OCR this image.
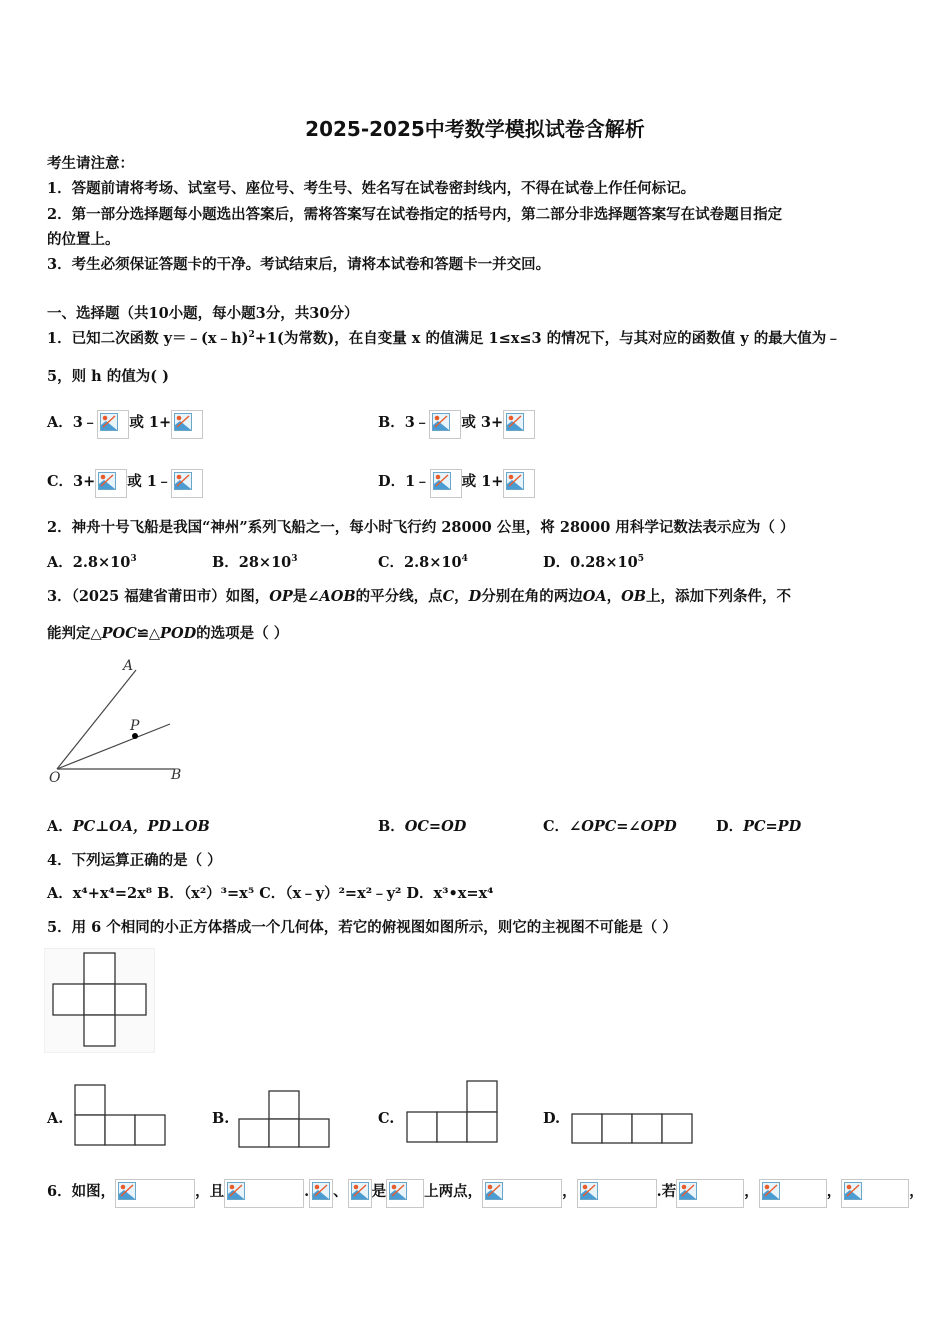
2025-2025中考数学模拟试卷含解析
考生请注意：
1．答题前请将考场、试室号、座位号、考生号、姓名写在试卷密封线内，不得在试卷上作任何标记。
2．第一部分选择题每小题选出答案后，需将答案写在试卷指定的括号内，第二部分非选择题答案写在试卷题目指定
的位置上。
3．考生必须保证答题卡的干净。考试结束后，请将本试卷和答题卡一并交回。
一、选择题（共10小题，每小题3分，共30分）
1．已知二次函数 y＝﹣(x﹣h)$^2$+1(为常数)，在自变量 x 的值满足 1≤x≤3 的情况下，与其对应的函数值 y 的最大值为﹣
5，则 h 的值为( )
A．3﹣ 或 1+	B．3﹣ 或 3+
C．3+ 或 1﹣	D．1﹣ 或 1+
2．神舟十号飞船是我国“神州”系列飞船之一，每小时飞行约 28000 公里，将 28000 用科学记数法表示应为（ ）
A．$2.8\times 10^3$	B．$28\times 10^3$	C．$2.8\times 10^4$	D．$0.28\times 10^5$
3．（2025 福建省莆田市）如图，OP是∠AOB的平分线，点C，D分别在角的两边OA，OB上，添加下列条件，不
能判定△POC≌△POD的选项是（ ）
A
P
O	B
A．PC⊥OA，PD⊥OB	B．OC=OD	C．∠OPC=∠OPD	D．PC=PD
4．下列运算正确的是（ ）
A．x⁴+x⁴=2x⁸ B．（x²）³=x⁵ C．（x﹣y）²=x²﹣y² D．x³•x=x⁴
5．用 6 个相同的小正方体搭成一个几何体，若它的俯视图如图所示，则它的主视图不可能是（ ）
A.	B.	C.	D.
6．如图，	，且	. 、 是	上两点，	，	.若	，	，	，
